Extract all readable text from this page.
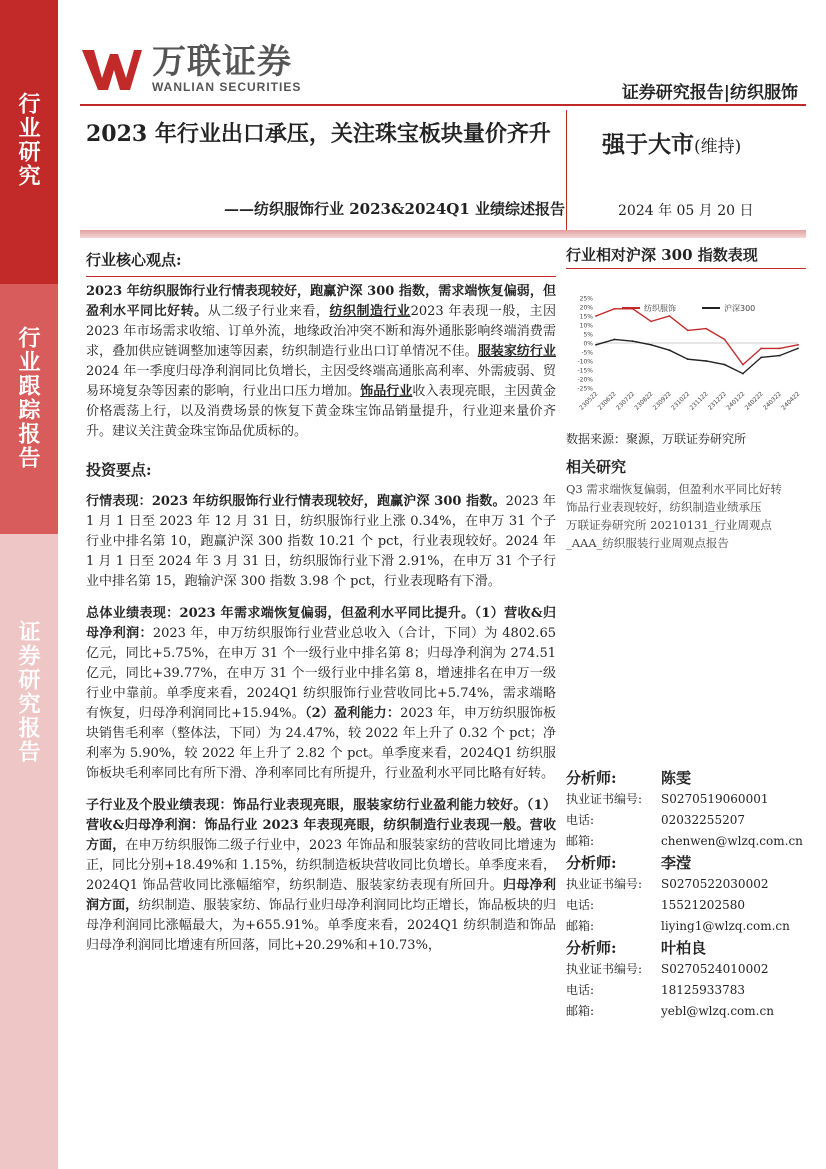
行业研究
行业跟踪报告
证券研究报告
万联证券
WANLIAN SECURITIES	证券研究报告|纺织服饰
2023 年行业出口承压，关注珠宝板块量价齐升
——纺织服饰行业 2023&2024Q1 业绩综述报告
强于大市(维持)
2024 年 05 月 20 日
行业核心观点:
2023 年纺织服饰行业行情表现较好，跑赢沪深 300 指数，需求端恢复偏弱，但盈利水平同比好转。从二级子行业来看，纺织制造行业2023 年表现一般，主因 2023 年市场需求收缩、订单外流，地缘政治冲突不断和海外通胀影响终端消费需求，叠加供应链调整加速等因素，纺织制造行业出口订单情况不佳。服装家纺行业2024 年一季度归母净利润同比负增长，主因受终端高通胀高利率、外需疲弱、贸易环境复杂等因素的影响，行业出口压力增加。饰品行业收入表现亮眼，主因黄金价格震荡上行，以及消费场景的恢复下黄金珠宝饰品销量提升，行业迎来量价齐升。建议关注黄金珠宝饰品优质标的。
投资要点:
行情表现：2023 年纺织服饰行业行情表现较好，跑赢沪深 300 指数。2023 年 1 月 1 日至 2023 年 12 月 31 日，纺织服饰行业上涨 0.34%，在申万 31 个子行业中排名第 10，跑赢沪深 300 指数 10.21 个 pct，行业表现较好。2024 年 1 月 1 日至 2024 年 3 月 31 日，纺织服饰行业下滑 2.91%，在申万 31 个子行业中排名第 15，跑输沪深 300 指数 3.98 个 pct，行业表现略有下滑。
总体业绩表现：2023 年需求端恢复偏弱，但盈利水平同比提升。（1）营收&归母净利润：2023 年，申万纺织服饰行业营业总收入（合计，下同）为 4802.65 亿元，同比+5.75%，在申万 31 个一级行业中排名第 8；归母净利润为 274.51 亿元，同比+39.77%，在申万 31 个一级行业中排名第 8，增速排名在申万一级行业中靠前。单季度来看，2024Q1 纺织服饰行业营收同比+5.74%，需求端略有恢复，归母净利润同比+15.94%。（2）盈利能力：2023 年，申万纺织服饰板块销售毛利率（整体法，下同）为 24.47%，较 2022 年上升了 0.32 个 pct；净利率为 5.90%，较 2022 年上升了 2.82 个 pct。单季度来看，2024Q1 纺织服饰板块毛利率同比有所下滑、净利率同比有所提升，行业盈利水平同比略有好转。
子行业及个股业绩表现：饰品行业表现亮眼，服装家纺行业盈利能力较好。（1）营收&归母净利润：饰品行业 2023 年表现亮眼，纺织制造行业表现一般。营收方面，在申万纺织服饰二级子行业中，2023 年饰品和服装家纺的营收同比增速为正，同比分别+18.49%和 1.15%，纺织制造板块营收同比负增长。单季度来看，2024Q1 饰品营收同比涨幅缩窄，纺织制造、服装家纺表现有所回升。归母净利润方面，纺织制造、服装家纺、饰品行业归母净利润同比均正增长，饰品板块的归母净利润同比涨幅最大，为+655.91%。单季度来看，2024Q1 纺织制造和饰品归母净利润同比增速有所回落，同比+20.29%和+10.73%，
行业相对沪深 300 指数表现
25%
20%
15%
10%
5%
0%
-5%
-10%
-15%
-20%
-25%
230522
230622
230722
230822
230922
231022
231122
231222
240122
240222
240322
240422
纺织服饰	沪深300
数据来源：聚源，万联证券研究所
相关研究
Q3 需求端恢复偏弱，但盈利水平同比好转
饰品行业表现较好，纺织制造业绩承压
万联证券研究所 20210131_行业周观点_AAA_纺织服装行业周观点报告
分析师:	陈雯
执业证书编号:	S0270519060001
电话:	02032255207
邮箱:	chenwen@wlzq.com.cn
分析师:	李滢
执业证书编号:	S0270522030002
电话:	15521202580
邮箱:	liying1@wlzq.com.cn
分析师:	叶柏良
执业证书编号:	S0270524010002
电话:	18125933783
邮箱:	yebl@wlzq.com.cn
